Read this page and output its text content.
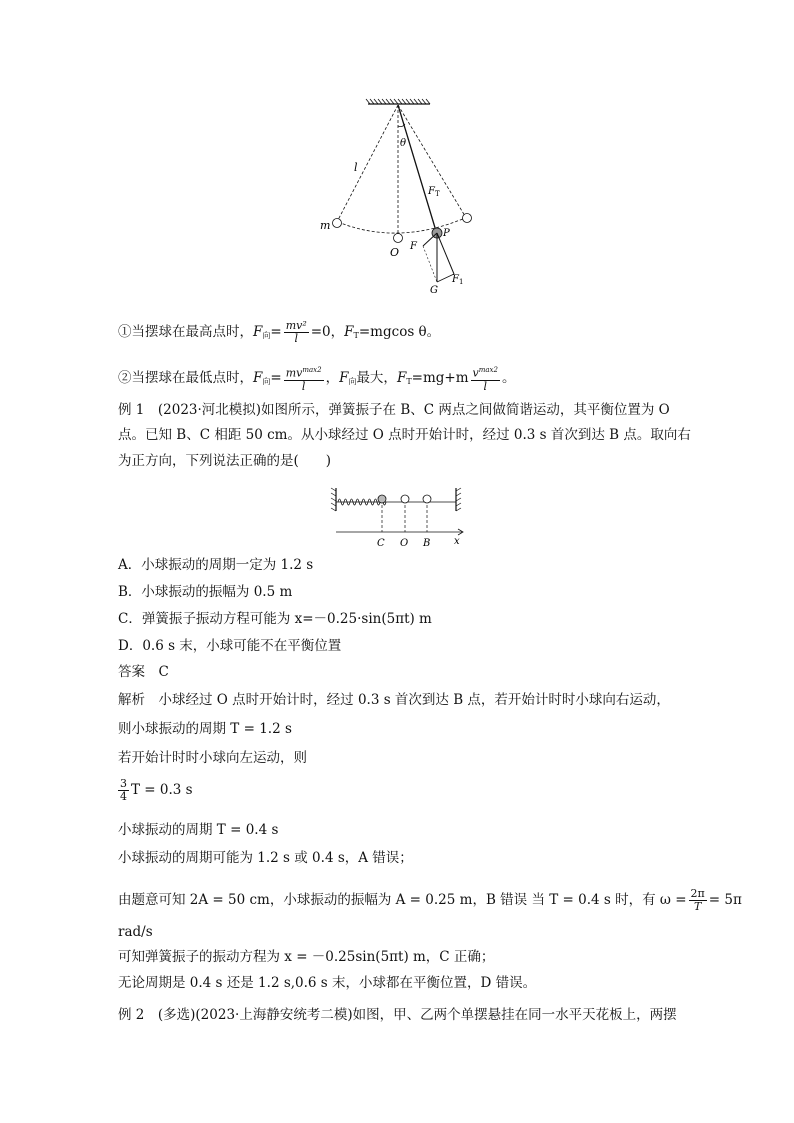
θ
l
$F_T$
m
O
P
F
$F_1$
G
①当摆球在最高点时，$F_向= \frac{\text{mv²}}{l} =0$，$F_T=mgcos$ θ。
②当摆球在最低点时，$F_向= \frac{mv^{max2}}{l}$ ，$F_向$最大，$F_T=mg+m \frac{v^{max2}}{l}$ 。
例 1　(2023·河北模拟)如图所示，弹簧振子在 B、C 两点之间做简谐运动，其平衡位置为 O
点。已知 B、C 相距 50 cm。从小球经过 O 点时开始计时，经过 0.3 s 首次到达 B 点。取向右
为正方向，下列说法正确的是(　　)
C O B x
A．小球振动的周期一定为 1.2 s
B．小球振动的振幅为 0.5 m
C．弹簧振子振动方程可能为 x=－0.25·sin(5πt) m
D．0.6 s 末，小球可能不在平衡位置
答案　C
解析　小球经过 O 点时开始计时，经过 0.3 s 首次到达 B 点，若开始计时时小球向右运动，
则小球振动的周期 T = 1.2 s
若开始计时时小球向左运动，则
$\frac{3}{4}$ T = 0.3 s
小球振动的周期 T = 0.4 s
小球振动的周期可能为 1.2 s 或 0.4 s，A 错误；
由题意可知 2A = 50 cm，小球振动的振幅为 A = 0.25 m，B 错误 当 T = 0.4 s 时，有 $\omega = \frac{2\pi}{T} = 5\pi$
rad/s
可知弹簧振子的振动方程为 x = －0.25sin(5πt) m，C 正确；
无论周期是 0.4 s 还是 1.2 s,0.6 s 末，小球都在平衡位置，D 错误。
例 2　(多选)(2023·上海静安统考二模)如图，甲、乙两个单摆悬挂在同一水平天花板上，两摆
